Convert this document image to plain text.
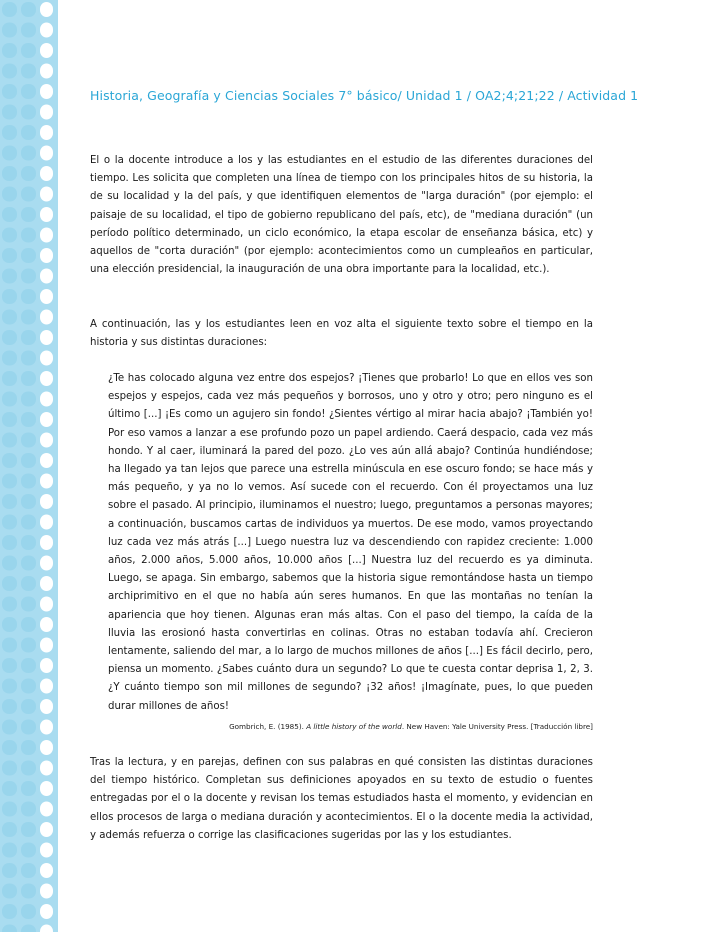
Historia, Geografía y Ciencias Sociales 7° básico/ Unidad 1 / OA2;4;21;22 / Actividad 1

El o la docente introduce a los y las estudiantes en el estudio de las diferentes duraciones del tiempo. Les solicita que completen una línea de tiempo con los principales hitos de su historia, la de su localidad y la del país, y que identifiquen elementos de "larga duración" (por ejemplo: el paisaje de su localidad, el tipo de gobierno republicano del país, etc), de "mediana duración" (un período político determinado, un ciclo económico, la etapa escolar de enseñanza básica, etc) y aquellos de "corta duración" (por ejemplo: acontecimientos como un cumpleaños en particular, una elección presidencial, la inauguración de una obra importante para la localidad, etc.).

A continuación, las y los estudiantes leen en voz alta el siguiente texto sobre el tiempo en la historia y sus distintas duraciones:

¿Te has colocado alguna vez entre dos espejos? ¡Tienes que probarlo! Lo que en ellos ves son espejos y espejos, cada vez más pequeños y borrosos, uno y otro y otro; pero ninguno es el último [...] ¡Es como un agujero sin fondo! ¿Sientes vértigo al mirar hacia abajo? ¡También yo! Por eso vamos a lanzar a ese profundo pozo un papel ardiendo. Caerá despacio, cada vez más hondo. Y al caer, iluminará la pared del pozo. ¿Lo ves aún allá abajo? Continúa hundiéndose; ha llegado ya tan lejos que parece una estrella minúscula en ese oscuro fondo; se hace más y más pequeño, y ya no lo vemos. Así sucede con el recuerdo. Con él proyectamos una luz sobre el pasado. Al principio, iluminamos el nuestro; luego, preguntamos a personas mayores; a continuación, buscamos cartas de individuos ya muertos. De ese modo, vamos proyectando luz cada vez más atrás [...] Luego nuestra luz va descendiendo con rapidez creciente: 1.000 años, 2.000 años, 5.000 años, 10.000 años [...] Nuestra luz del recuerdo es ya diminuta. Luego, se apaga. Sin embargo, sabemos que la historia sigue remontándose hasta un tiempo archiprimitivo en el que no había aún seres humanos. En que las montañas no tenían la apariencia que hoy tienen. Algunas eran más altas. Con el paso del tiempo, la caída de la lluvia las erosionó hasta convertirlas en colinas. Otras no estaban todavía ahí. Crecieron lentamente, saliendo del mar, a lo largo de muchos millones de años [...] Es fácil decirlo, pero, piensa un momento. ¿Sabes cuánto dura un segundo? Lo que te cuesta contar deprisa 1, 2, 3. ¿Y cuánto tiempo son mil millones de segundo? ¡32 años! ¡Imagínate, pues, lo que pueden durar millones de años!

Gombrich, E. (1985). A little history of the world. New Haven: Yale University Press. [Traducción libre]

Tras la lectura, y en parejas, definen con sus palabras en qué consisten las distintas duraciones del tiempo histórico. Completan sus definiciones apoyados en su texto de estudio o fuentes entregadas por el o la docente y revisan los temas estudiados hasta el momento, y evidencian en ellos procesos de larga o mediana duración y acontecimientos. El o la docente media la actividad, y además refuerza o corrige las clasificaciones sugeridas por las y los estudiantes.
